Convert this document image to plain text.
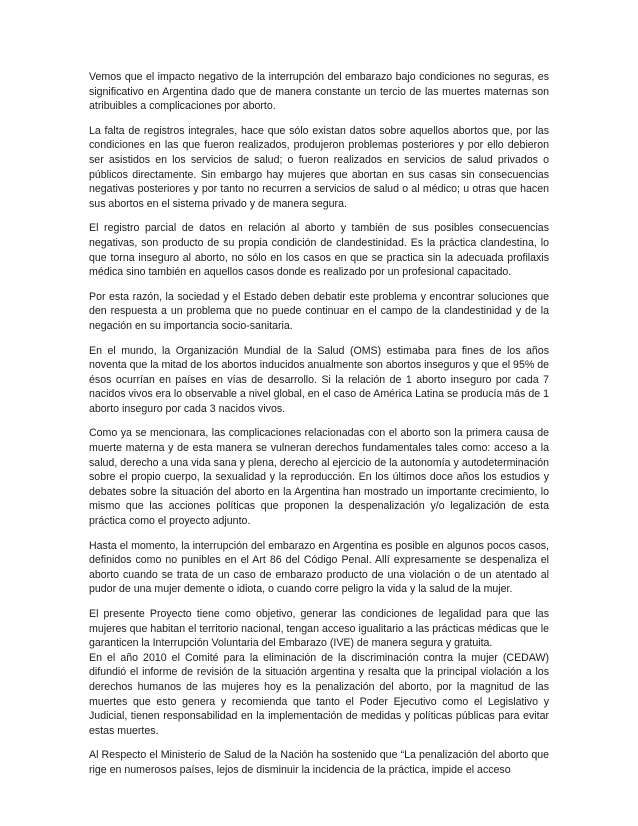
Vemos que el impacto negativo de la interrupción del embarazo bajo condiciones no seguras, es significativo en Argentina dado que de manera constante un tercio de las muertes maternas son atribuibles a complicaciones por aborto.

La falta de registros integrales, hace que sólo existan datos sobre aquellos abortos que, por las condiciones en las que fueron realizados, produjeron problemas posteriores y por ello debieron ser asistidos en los servicios de salud; o fueron realizados en servicios de salud privados o públicos directamente. Sin embargo hay mujeres que abortan en sus casas sin consecuencias negativas posteriores y por tanto no recurren a servicios de salud o al médico; u otras que hacen sus abortos en el sistema privado y de manera segura.

El registro parcial de datos en relación al aborto y también de sus posibles consecuencias negativas, son producto de su propia condición de clandestinidad. Es la práctica clandestina, lo que torna inseguro al aborto, no sólo en los casos en que se practica sin la adecuada profilaxis médica sino también en aquellos casos donde es realizado por un profesional capacitado.

Por esta razón, la sociedad y el Estado deben debatir este problema y encontrar soluciones que den respuesta a un problema que no puede continuar en el campo de la clandestinidad y de la negación en su importancia socio-sanitaria.

En el mundo, la Organización Mundial de la Salud (OMS) estimaba para fines de los años noventa que la mitad de los abortos inducidos anualmente son abortos inseguros y que el 95% de ésos ocurrían en países en vías de desarrollo. Si la relación de 1 aborto inseguro por cada 7 nacidos vivos era lo observable a nivel global, en el caso de América Latina se producía más de 1 aborto inseguro por cada 3 nacidos vivos.

Como ya se mencionara, las complicaciones relacionadas con el aborto son la primera causa de muerte materna y de esta manera se vulneran derechos fundamentales tales como: acceso a la salud, derecho a una vida sana y plena, derecho al ejercicio de la autonomía y autodeterminación sobre el propio cuerpo, la sexualidad y la reproducción. En los últimos doce años los estudios y debates sobre la situación del aborto en la Argentina han mostrado un importante crecimiento, lo mismo que las acciones políticas que proponen la despenalización y/o legalización de esta práctica como el proyecto adjunto.

Hasta el momento, la interrupción del embarazo en Argentina es posible en algunos pocos casos, definidos como no punibles en el Art 86 del Código Penal. Allí expresamente se despenaliza el aborto cuando se trata de un caso de embarazo producto de una violación o de un atentado al pudor de una mujer demente o idiota, o cuando corre peligro la vida y la salud de la mujer.

El presente Proyecto tiene como objetivo, generar las condiciones de legalidad para que las mujeres que habitan el territorio nacional, tengan acceso igualitario a las prácticas médicas que le garanticen la Interrupción Voluntaria del Embarazo (IVE) de manera segura y gratuita.

En el año 2010 el Comité para la eliminación de la discriminación contra la mujer (CEDAW) difundió el informe de revisión de la situación argentina y resalta que la principal violación a los derechos humanos de las mujeres hoy es la penalización del aborto, por la magnitud de las muertes que esto genera y recomienda que tanto el Poder Ejecutivo como el Legislativo y Judicial, tienen responsabilidad en la implementación de medidas y políticas públicas para evitar estas muertes.

Al Respecto el Ministerio de Salud de la Nación ha sostenido que “La penalización del aborto que rige en numerosos países, lejos de disminuir la incidencia de la práctica, impide el acceso
